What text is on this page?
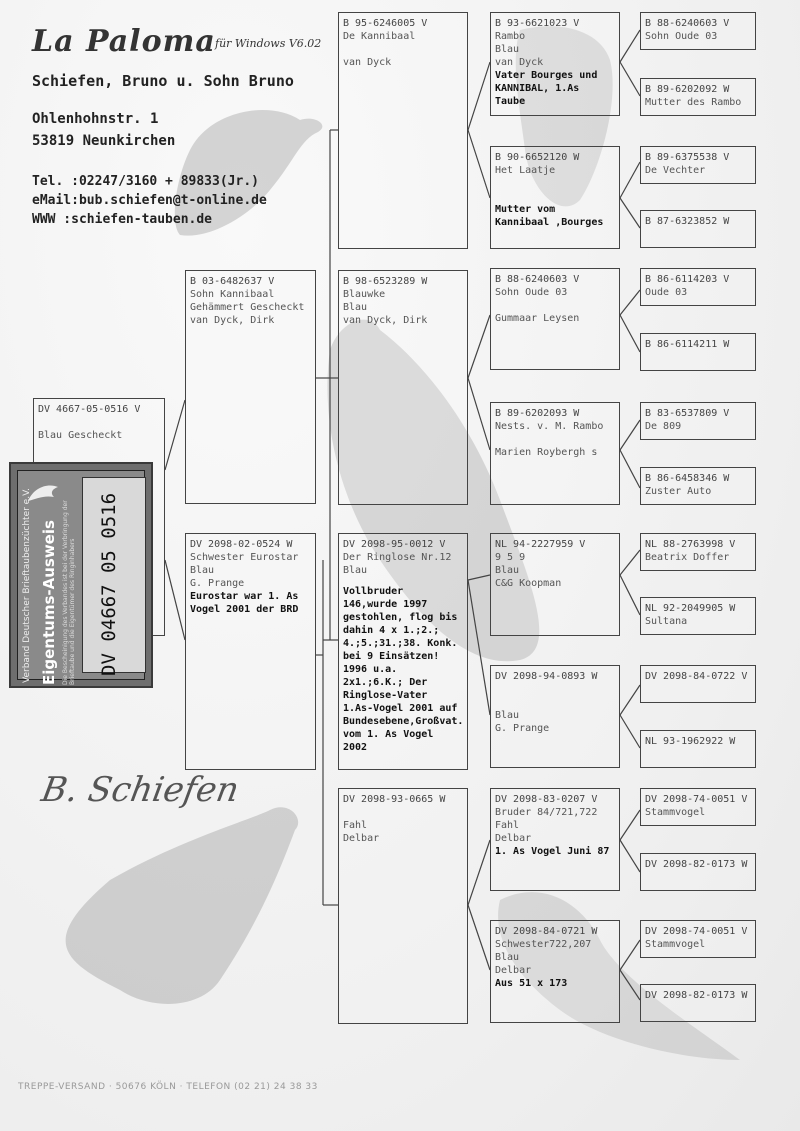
La Paloma für Windows V6.02
Schiefen, Bruno u. Sohn Bruno
Ohlenhohnstr. 1
53819 Neunkirchen
Tel. :02247/3160 + 89833(Jr.)
eMail:bub.schiefen@t-online.de
WWW :schiefen-tauben.de
DV 4667-05-0516 V

Blau Gescheckt
B 03-6482637 V
Sohn Kannibaal
Gehämmert Gescheckt
van Dyck, Dirk
DV 2098-02-0524 W
Schwester Eurostar
Blau
G. Prange
Eurostar war 1. As Vogel 2001 der BRD
B 95-6246005 V
De Kannibaal

van Dyck
B 98-6523289 W
Blauwke
Blau
van Dyck, Dirk
DV 2098-95-0012 V
Der Ringlose Nr.12
Blau
Vollbruder 146,wurde 1997 gestohlen, flog bis dahin 4 x 1.;2.; 4.;5.;31.;38. Konk. bei 9 Einsätzen! 1996 u.a. 2x1.;6.K.; Der Ringlose-Vater 1.As-Vogel 2001 auf Bundesebene,Großvat. vom 1. As Vogel 2002
DV 2098-93-0665 W

Fahl
Delbar
B 93-6621023 V
Rambo
Blau
van Dyck
Vater Bourges und KANNIBAL, 1.As Taube
B 90-6652120 W
Het Laatje
Mutter vom Kannibaal ,Bourges
B 88-6240603 V
Sohn Oude 03

Gummaar Leysen
B 89-6202093 W
Nests. v. M. Rambo

Marien Roybergh s
NL 94-2227959 V
9 5 9
Blau
C&G Koopman
DV 2098-94-0893 W

Blau
G. Prange
DV 2098-83-0207 V
Bruder 84/721,722
Fahl
Delbar
1. As Vogel Juni 87
DV 2098-84-0721 W
Schwester722,207
Blau
Delbar
Aus 51 x 173
B 88-6240603 V
Sohn Oude 03
B 89-6202092 W
Mutter des Rambo
B 89-6375538 V
De Vechter
B 87-6323852 W

B 86-6114203 V
Oude 03
B 86-6114211 W

B 83-6537809 V
De 809
B 86-6458346 W
Zuster Auto
NL 88-2763998 V
Beatrix Doffer
NL 92-2049905 W
Sultana
DV 2098-84-0722 V

NL 93-1962922 W

DV 2098-74-0051 V
Stammvogel
DV 2098-82-0173 W

DV 2098-74-0051 V
Stammvogel
DV 2098-82-0173 W

Verband Deutscher Brieftaubenzüchter e.V. Eigentums-Ausweis Die Bescheinigung des Verbandes ist bei der Verbringung der Brieftaube und die Eigentümer des Ringinhabers DV 04667 05 0516
B. Schiefen
TREPPE-VERSAND · 50676 KÖLN · TELEFON (02 21) 24 38 33
